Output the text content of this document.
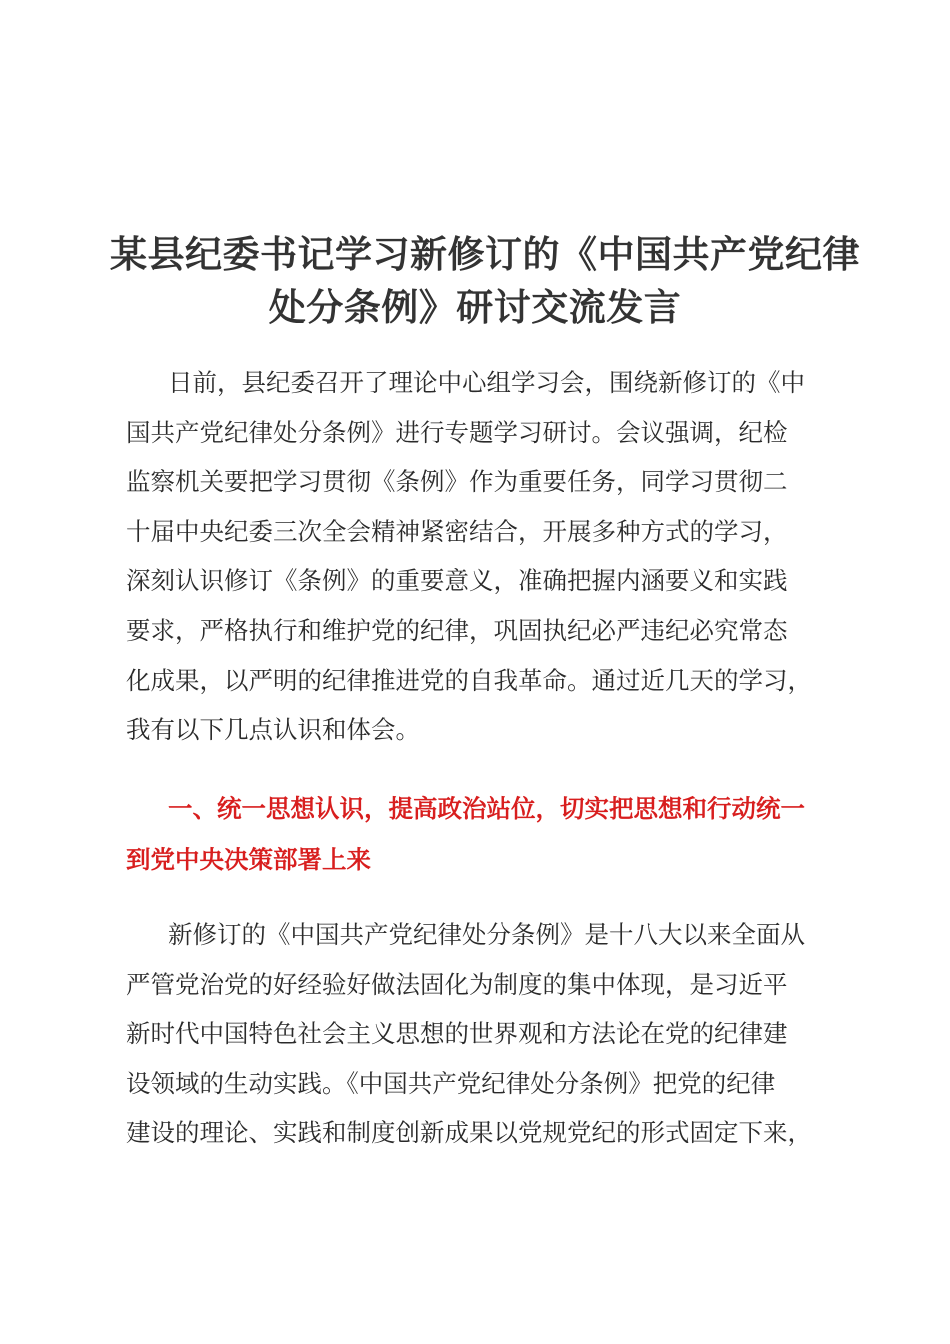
某县纪委书记学习新修订的《中国共产党纪律
处分条例》研讨交流发言
日前，县纪委召开了理论中心组学习会，围绕新修订的《中
国共产党纪律处分条例》进行专题学习研讨。会议强调，纪检
监察机关要把学习贯彻《条例》作为重要任务，同学习贯彻二
十届中央纪委三次全会精神紧密结合，开展多种方式的学习，
深刻认识修订《条例》的重要意义，准确把握内涵要义和实践
要求，严格执行和维护党的纪律，巩固执纪必严违纪必究常态
化成果，以严明的纪律推进党的自我革命。通过近几天的学习，
我有以下几点认识和体会。
一、统一思想认识，提高政治站位，切实把思想和行动统一
到党中央决策部署上来
新修订的《中国共产党纪律处分条例》是十八大以来全面从
严管党治党的好经验好做法固化为制度的集中体现，是习近平
新时代中国特色社会主义思想的世界观和方法论在党的纪律建
设领域的生动实践。《中国共产党纪律处分条例》把党的纪律
建设的理论、实践和制度创新成果以党规党纪的形式固定下来，
